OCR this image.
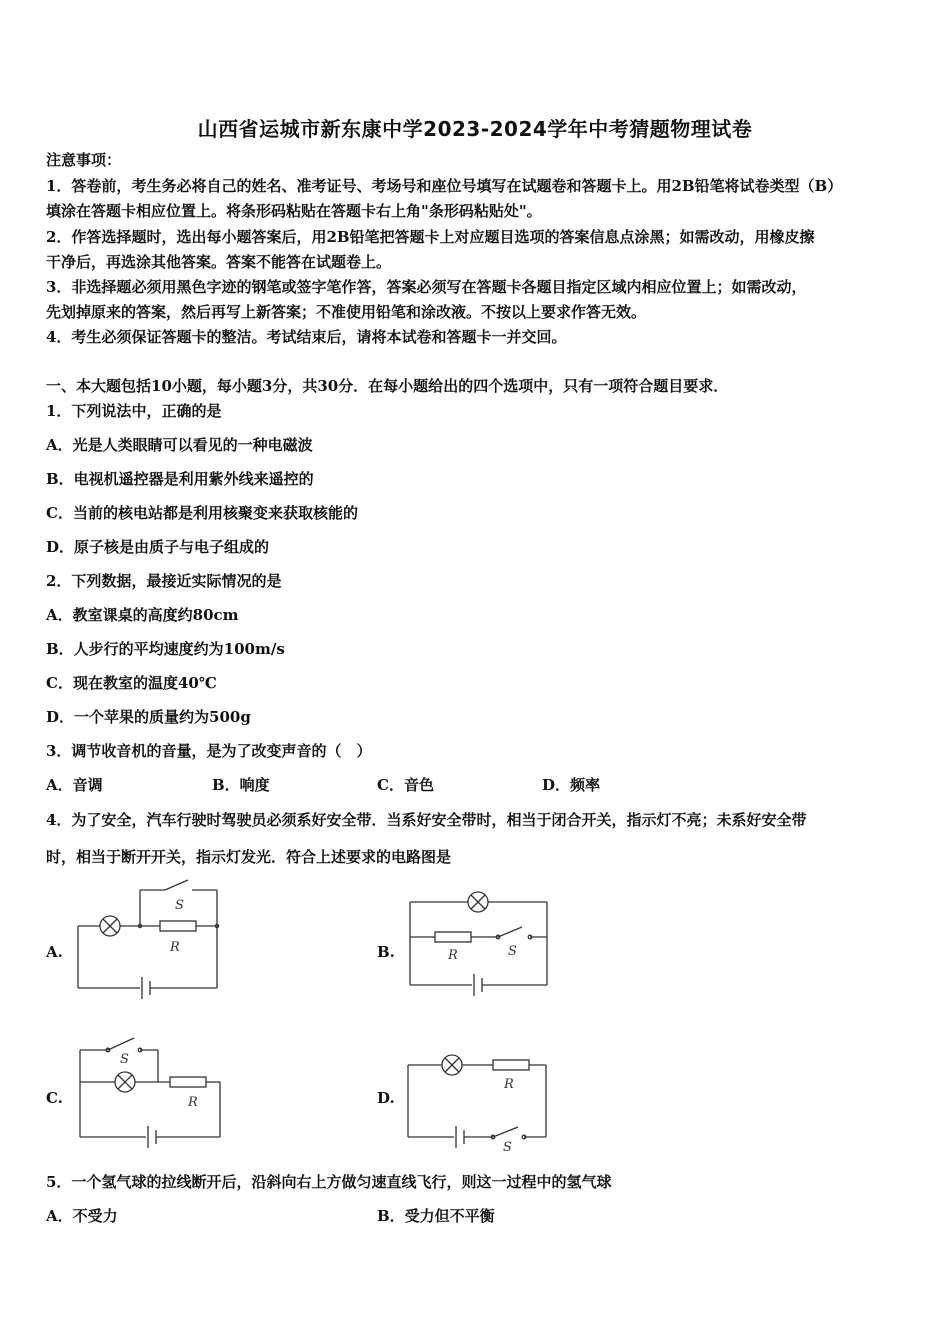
山西省运城市新东康中学2023-2024学年中考猜题物理试卷
注意事项：
1．答卷前，考生务必将自己的姓名、准考证号、考场号和座位号填写在试题卷和答题卡上。用2B铅笔将试卷类型（B）
填涂在答题卡相应位置上。将条形码粘贴在答题卡右上角"条形码粘贴处"。
2．作答选择题时，选出每小题答案后，用2B铅笔把答题卡上对应题目选项的答案信息点涂黑；如需改动，用橡皮擦
干净后，再选涂其他答案。答案不能答在试题卷上。
3．非选择题必须用黑色字迹的钢笔或签字笔作答，答案必须写在答题卡各题目指定区域内相应位置上；如需改动，
先划掉原来的答案，然后再写上新答案；不准使用铅笔和涂改液。不按以上要求作答无效。
4．考生必须保证答题卡的整洁。考试结束后，请将本试卷和答题卡一并交回。
一、本大题包括10小题，每小题3分，共30分．在每小题给出的四个选项中，只有一项符合题目要求．
1．下列说法中，正确的是
A．光是人类眼睛可以看见的一种电磁波
B．电视机遥控器是利用紫外线来遥控的
C．当前的核电站都是利用核聚变来获取核能的
D．原子核是由质子与电子组成的
2．下列数据，最接近实际情况的是
A．教室课桌的高度约80cm
B．人步行的平均速度约为100m/s
C．现在教室的温度40℃
D．一个苹果的质量约为500g
3．调节收音机的音量，是为了改变声音的（　）
A．音调	B．响度	C．音色	D．频率
4．为了安全，汽车行驶时驾驶员必须系好安全带．当系好安全带时，相当于闭合开关，指示灯不亮；未系好安全带
时，相当于断开开关，指示灯发光．符合上述要求的电路图是
A.
S
R	B.	S
R
C.
S
R	D.
R
S
5．一个氢气球的拉线断开后，沿斜向右上方做匀速直线飞行，则这一过程中的氢气球
A．不受力	B．受力但不平衡
